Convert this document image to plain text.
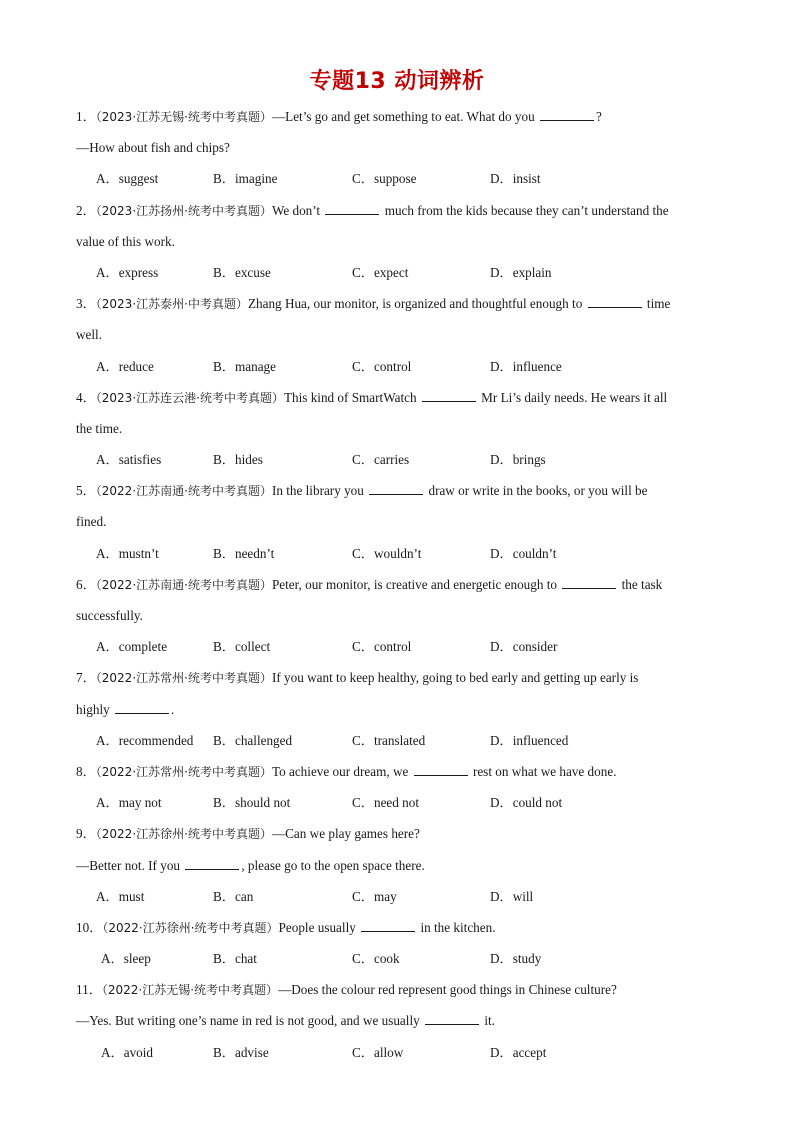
专题13 动词辨析
1．（2023·江苏无锡·统考中考真题）—Let’s go and get something to eat. What do you	?
—How about fish and chips?
A．suggest	B．imagine	C．suppose	D．insist
2．（2023·江苏扬州·统考中考真题）We don’t	much from the kids because they can’t understand the
value of this work.
A．express	B．excuse	C．expect	D．explain
3．（2023·江苏泰州·中考真题）Zhang Hua, our monitor, is organized and thoughtful enough to	time
well.
A．reduce	B．manage	C．control	D．influence
4．（2023·江苏连云港·统考中考真题）This kind of SmartWatch	Mr Li’s daily needs. He wears it all
the time.
A．satisfies	B．hides	C．carries	D．brings
5．（2022·江苏南通·统考中考真题）In the library you	draw or write in the books, or you will be
fined.
A．mustn’t	B．needn’t	C．wouldn’t	D．couldn’t
6．（2022·江苏南通·统考中考真题）Peter, our monitor, is creative and energetic enough to	the task
successfully.
A．complete	B．collect	C．control	D．consider
7．（2022·江苏常州·统考中考真题）If you want to keep healthy, going to bed early and getting up early is
highly	.
A．recommended B．challenged	C．translated	D．influenced
8．（2022·江苏常州·统考中考真题）To achieve our dream, we	rest on what we have done.
A．may not	B．should not	C．need not	D．could not
9．（2022·江苏徐州·统考中考真题）—Can we play games here?
—Better not. If you	, please go to the open space there.
A．must	B．can	C．may	D．will
10．（2022·江苏徐州·统考中考真题）People usually	in the kitchen.
A．sleep	B．chat	C．cook	D．study
11．（2022·江苏无锡·统考中考真题）—Does the colour red represent good things in Chinese culture?
—Yes. But writing one’s name in red is not good, and we usually	it.
A．avoid	B．advise	C．allow	D．accept
